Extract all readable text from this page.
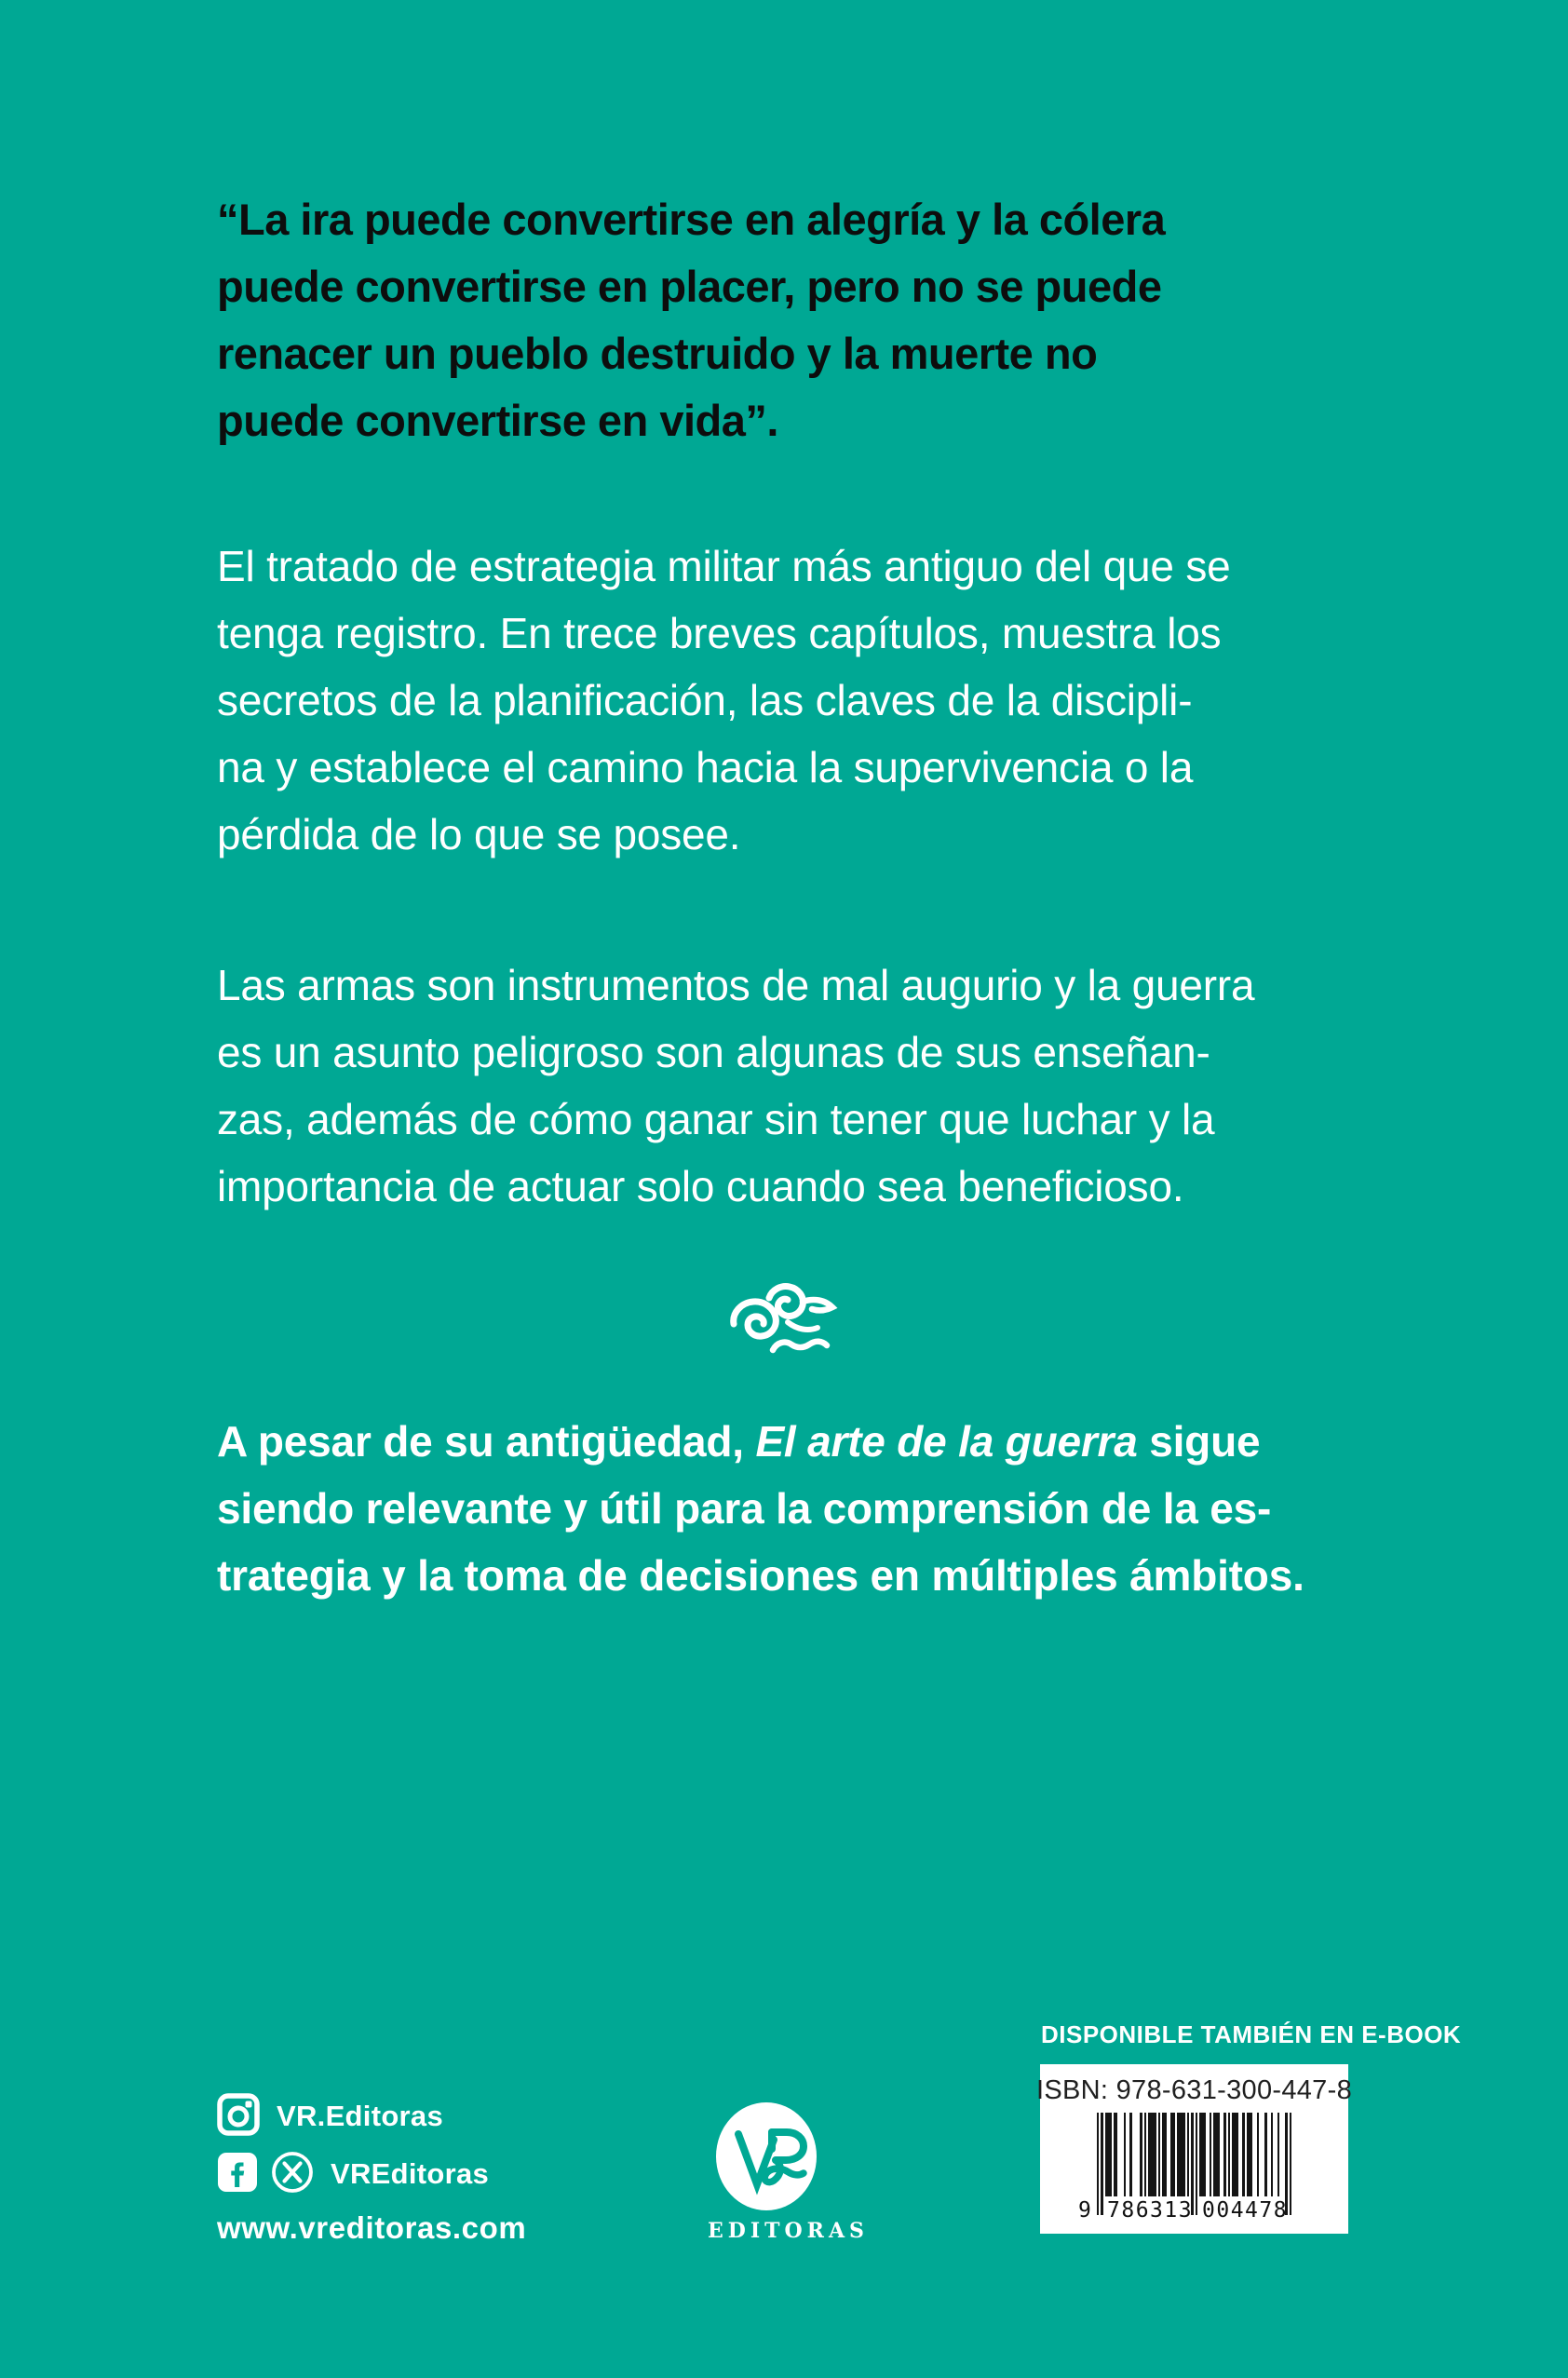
“La ira puede convertirse en alegría y la cólera
puede convertirse en placer, pero no se puede
renacer un pueblo destruido y la muerte no
puede convertirse en vida”.
El tratado de estrategia militar más antiguo del que se
tenga registro. En trece breves capítulos, muestra los
secretos de la planificación, las claves de la discipli-
na y establece el camino hacia la supervivencia o la
pérdida de lo que se posee.
Las armas son instrumentos de mal augurio y la guerra
es un asunto peligroso son algunas de sus enseñan-
zas, además de cómo ganar sin tener que luchar y la
importancia de actuar solo cuando sea beneficioso.
A pesar de su antigüedad, El arte de la guerra sigue
siendo relevante y útil para la comprensión de la es-
trategia y la toma de decisiones en múltiples ámbitos.
DISPONIBLE TAMBIÉN EN E-BOOK
ISBN: 978-631-300-447-8
9 786313 004478
VR.Editoras
VREditoras
www.vreditoras.com	EDITORAS
